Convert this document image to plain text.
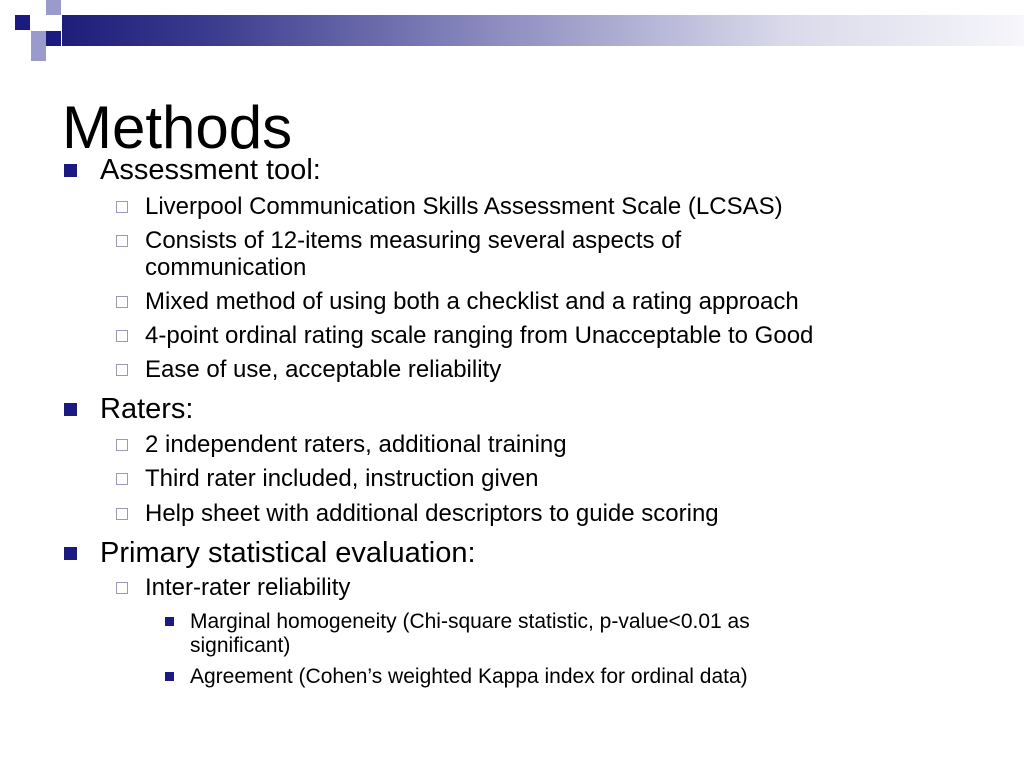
Methods
Assessment tool:
Liverpool Communication Skills Assessment Scale (LCSAS)
Consists of 12-items measuring several aspects of
communication
Mixed method of using both a checklist and a rating approach
4-point ordinal rating scale ranging from Unacceptable to Good
Ease of use, acceptable reliability
Raters:
2 independent raters, additional training
Third rater included, instruction given
Help sheet with additional descriptors to guide scoring
Primary statistical evaluation:
Inter-rater reliability
Marginal homogeneity (Chi-square statistic, p-value<0.01 as
significant)
Agreement (Cohen’s weighted Kappa index for ordinal data)
